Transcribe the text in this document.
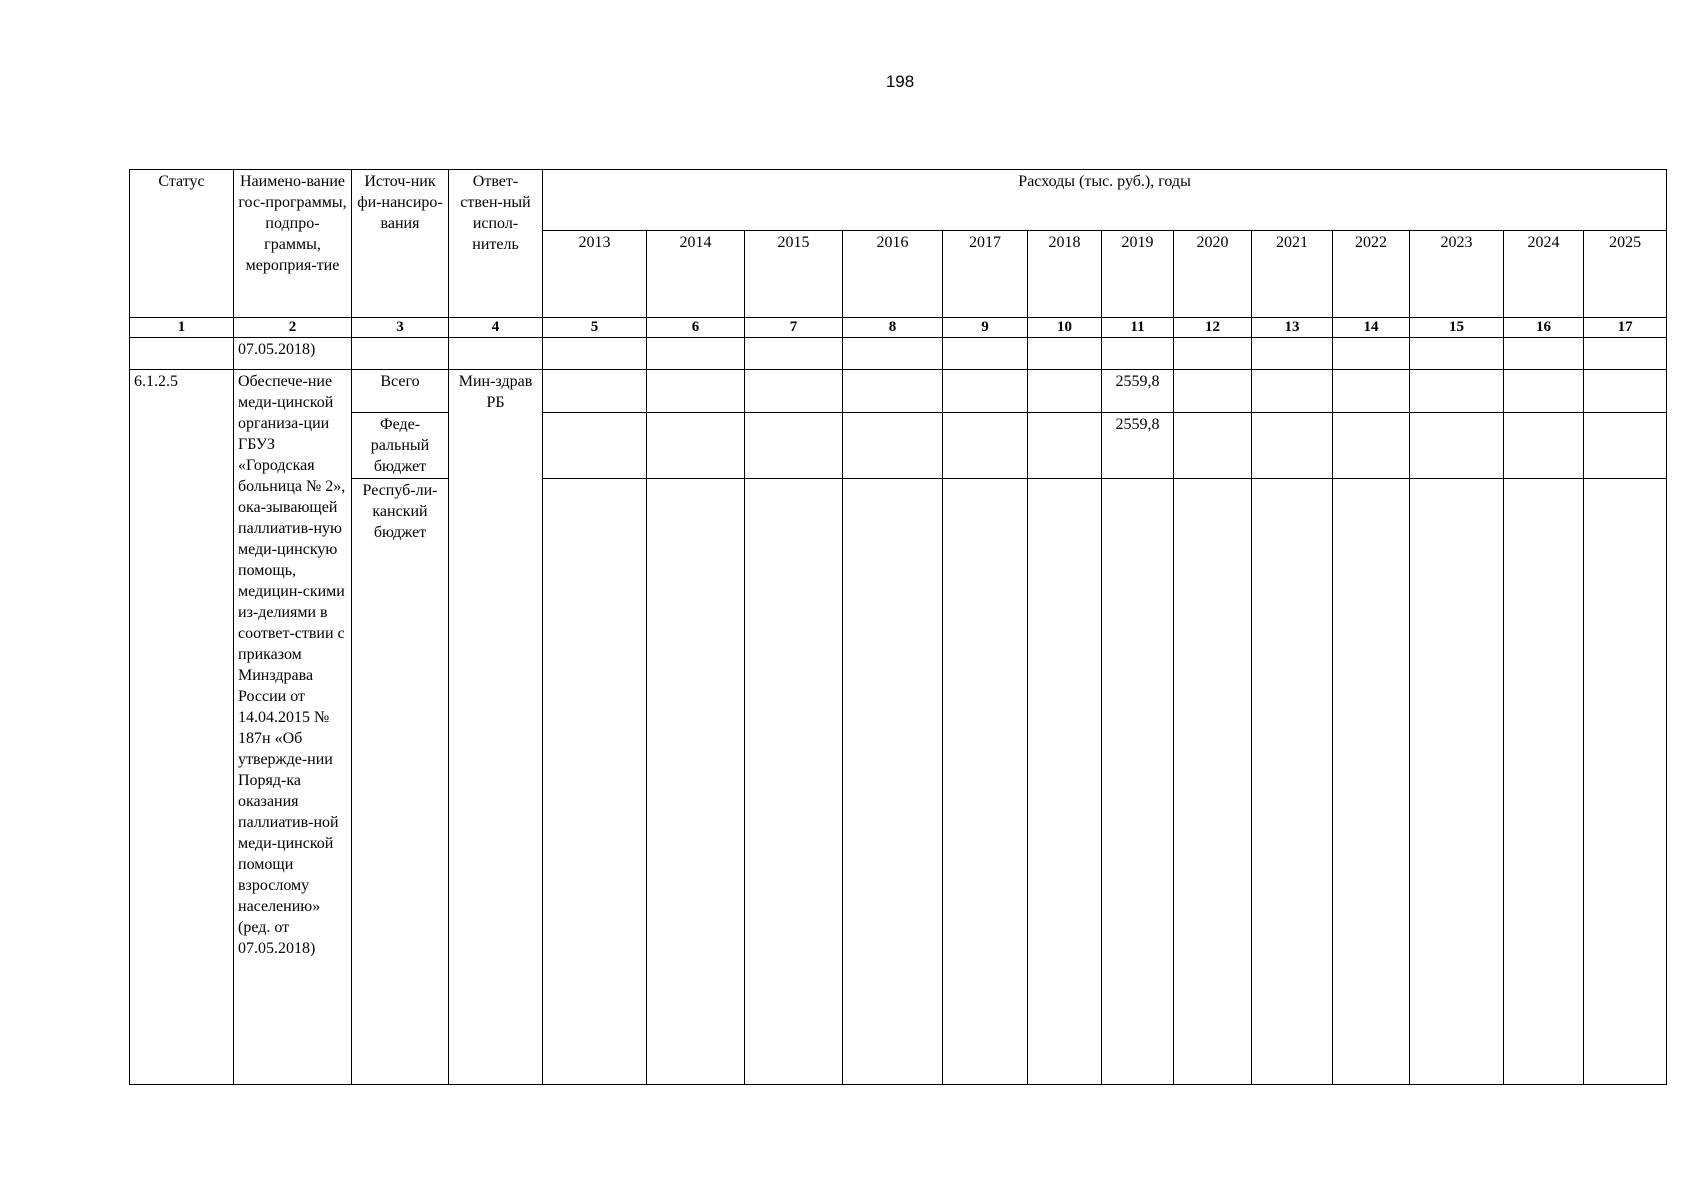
198
Статус	Наимено-вание гос-программы, подпро-граммы, мероприя-тие	Источ-ник фи-нансиро-вания	Ответ-ствен-ный испол-нитель	Расходы (тыс. руб.), годы												
				2013	2014	2015	2016	2017	2018	2019	2020	2021	2022	2023	2024	2025
1	2	3	4	5	6	7	8	9	10	11	12	13	14	15	16	17
	07.05.2018)															
6.1.2.5	Обеспече-ние меди-цинской организа-ции ГБУЗ «Городская больница № 2», ока-зывающей паллиатив-ную меди-цинскую помощь, медицин-скими из-делиями в соответ-ствии с приказом Минздрава России от 14.04.2015 № 187н «Об утвержде-нии Поряд-ка оказания паллиатив-ной меди-цинской помощи взрослому населению» (ред. от 07.05.2018)	Всего	Мин-здрав РБ							2559,8						
		Феде-ральный бюджет								2559,8						
		Респуб-ли-канский бюджет														
